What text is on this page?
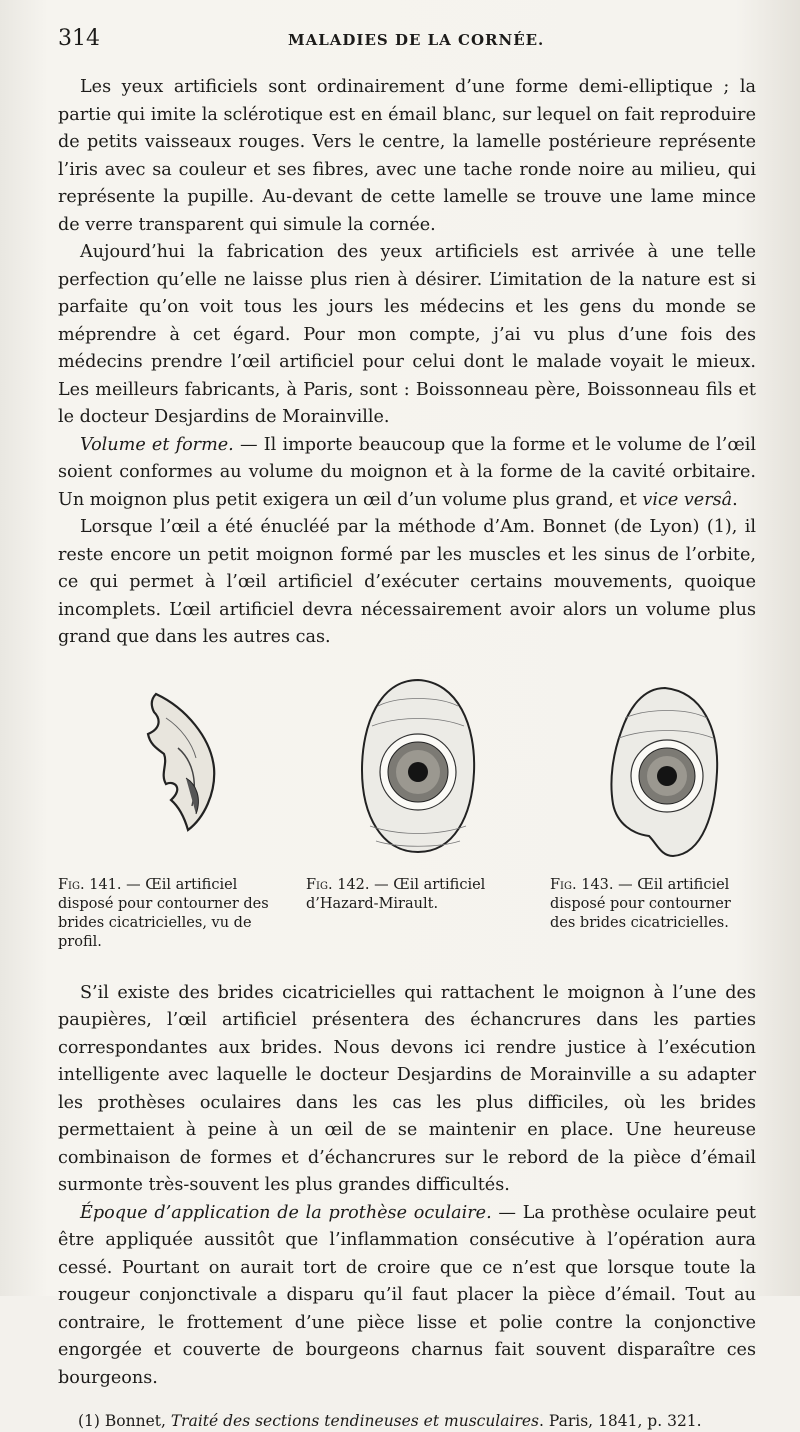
314	MALADIES DE LA CORNÉE.

Les yeux artificiels sont ordinairement d’une forme demi-elliptique ; la partie qui imite la sclérotique est en émail blanc, sur lequel on fait reproduire de petits vaisseaux rouges. Vers le centre, la lamelle postérieure représente l’iris avec sa couleur et ses fibres, avec une tache ronde noire au milieu, qui représente la pupille. Au-devant de cette lamelle se trouve une lame mince de verre transparent qui simule la cornée.

Aujourd’hui la fabrication des yeux artificiels est arrivée à une telle perfection qu’elle ne laisse plus rien à désirer. L’imitation de la nature est si parfaite qu’on voit tous les jours les médecins et les gens du monde se méprendre à cet égard. Pour mon compte, j’ai vu plus d’une fois des médecins prendre l’œil artificiel pour celui dont le malade voyait le mieux. Les meilleurs fabricants, à Paris, sont : Boissonneau père, Boissonneau fils et le docteur Desjardins de Morainville.

Volume et forme. — Il importe beaucoup que la forme et le volume de l’œil soient conformes au volume du moignon et à la forme de la cavité orbitaire. Un moignon plus petit exigera un œil d’un volume plus grand, et vice versâ.

Lorsque l’œil a été énucléé par la méthode d’Am. Bonnet (de Lyon) (1), il reste encore un petit moignon formé par les muscles et les sinus de l’orbite, ce qui permet à l’œil artificiel d’exécuter certains mouvements, quoique incomplets. L’œil artificiel devra nécessairement avoir alors un volume plus grand que dans les autres cas.

Fig. 141. — Œil artificiel disposé pour contourner des brides cicatricielles, vu de profil.
Fig. 142. — Œil artificiel d’Hazard-Mirault.
Fig. 143. — Œil artificiel disposé pour contourner des brides cicatricielles.

S’il existe des brides cicatricielles qui rattachent le moignon à l’une des paupières, l’œil artificiel présentera des échancrures dans les parties correspondantes aux brides. Nous devons ici rendre justice à l’exécution intelligente avec laquelle le docteur Desjardins de Morainville a su adapter les prothèses oculaires dans les cas les plus difficiles, où les brides permettaient à peine à un œil de se maintenir en place. Une heureuse combinaison de formes et d’échancrures sur le rebord de la pièce d’émail surmonte très-souvent les plus grandes difficultés.

Époque d’application de la prothèse oculaire. — La prothèse oculaire peut être appliquée aussitôt que l’inflammation consécutive à l’opération aura cessé. Pourtant on aurait tort de croire que ce n’est que lorsque toute la rougeur conjonctivale a disparu qu’il faut placer la pièce d’émail. Tout au contraire, le frottement d’une pièce lisse et polie contre la conjonctive engorgée et couverte de bourgeons charnus fait souvent disparaître ces bourgeons.

(1) Bonnet, Traité des sections tendineuses et musculaires. Paris, 1841, p. 321.
